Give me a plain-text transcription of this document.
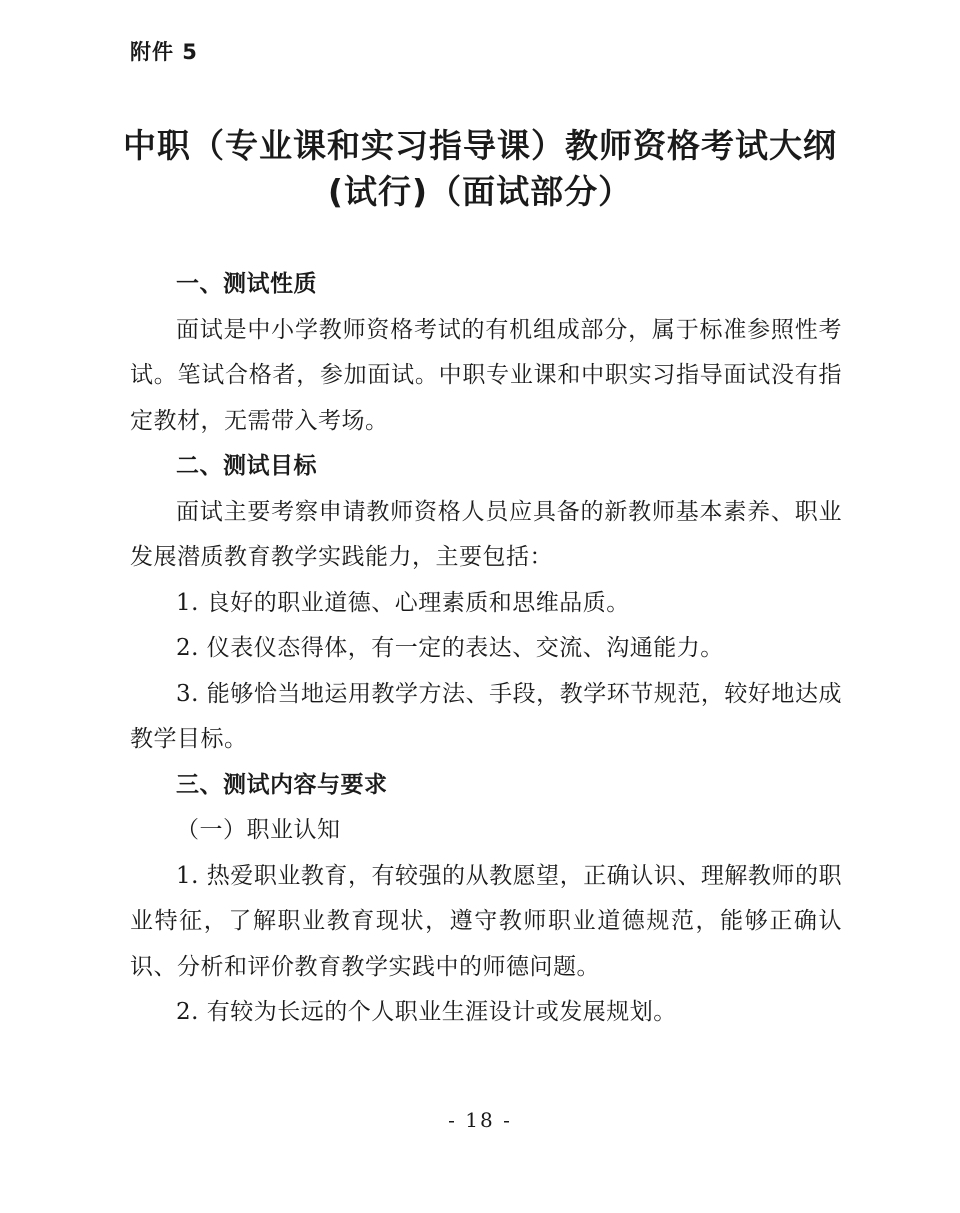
附件 5
中职（专业课和实习指导课）教师资格考试大纲
(试行)（面试部分）

一、测试性质

面试是中小学教师资格考试的有机组成部分，属于标准参照性考试。笔试合格者，参加面试。中职专业课和中职实习指导面试没有指定教材，无需带入考场。

二、测试目标

面试主要考察申请教师资格人员应具备的新教师基本素养、职业发展潜质教育教学实践能力，主要包括：

1. 良好的职业道德、心理素质和思维品质。

2. 仪表仪态得体，有一定的表达、交流、沟通能力。

3. 能够恰当地运用教学方法、手段，教学环节规范，较好地达成教学目标。

三、测试内容与要求

（一）职业认知

1. 热爱职业教育，有较强的从教愿望，正确认识、理解教师的职业特征，了解职业教育现状，遵守教师职业道德规范，能够正确认识、分析和评价教育教学实践中的师德问题。

2. 有较为长远的个人职业生涯设计或发展规划。

- 18 -
